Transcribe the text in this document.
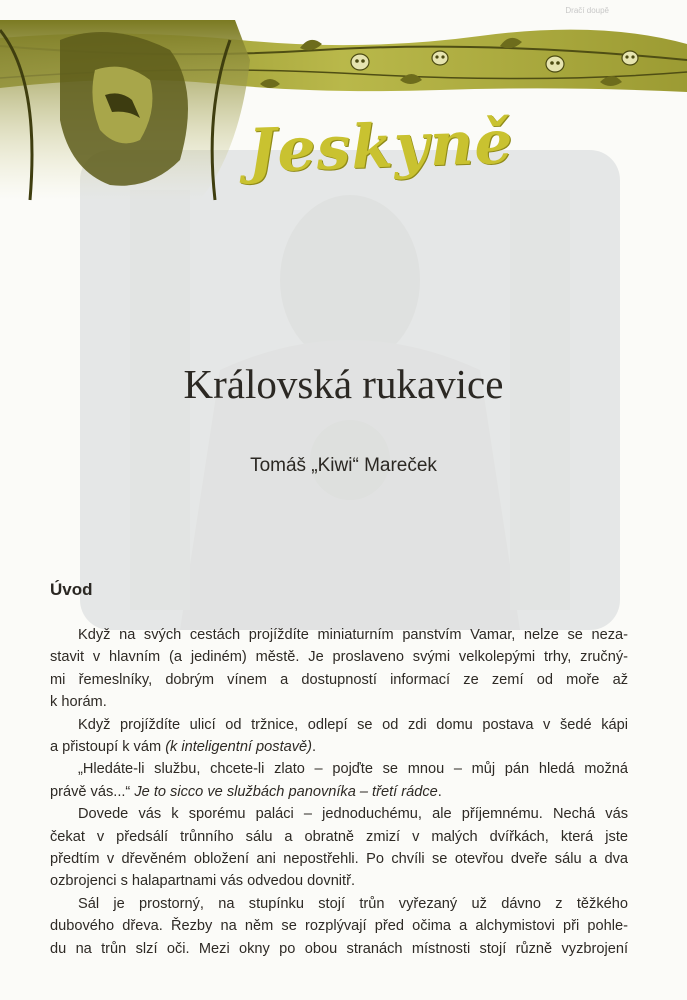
Dračí doupě
Jeskyně
Královská rukavice
Tomáš „Kiwi“ Mareček
Úvod

Když na svých cestách projíždíte miniaturním panstvím Vamar, nelze se neza-
stavit v hlavním (a jediném) městě. Je proslaveno svými velkolepými trhy, zručný-
mi řemeslníky, dobrým vínem a dostupností informací ze zemí od moře až
k horám.

Když projíždíte ulicí od tržnice, odlepí se od zdi domu postava v šedé kápi
a přistoupí k vám (k inteligentní postavě).

„Hledáte-li službu, chcete-li zlato – pojďte se mnou – můj pán hledá možná
právě vás...“ Je to sicco ve službách panovníka – třetí rádce.

Dovede vás k sporému paláci – jednoduchému, ale příjemnému. Nechá vás
čekat v předsálí trůnního sálu a obratně zmizí v malých dvířkách, která jste
předtím v dřevěném obložení ani nepostřehli. Po chvíli se otevřou dveře sálu a dva
ozbrojenci s halapartnami vás odvedou dovnitř.

Sál je prostorný, na stupínku stojí trůn vyřezaný už dávno z těžkého
dubového dřeva. Řezby na něm se rozplývají před očima a alchymistovi při pohle-
du na trůn slzí oči. Mezi okny po obou stranách místnosti stojí různě vyzbrojení
